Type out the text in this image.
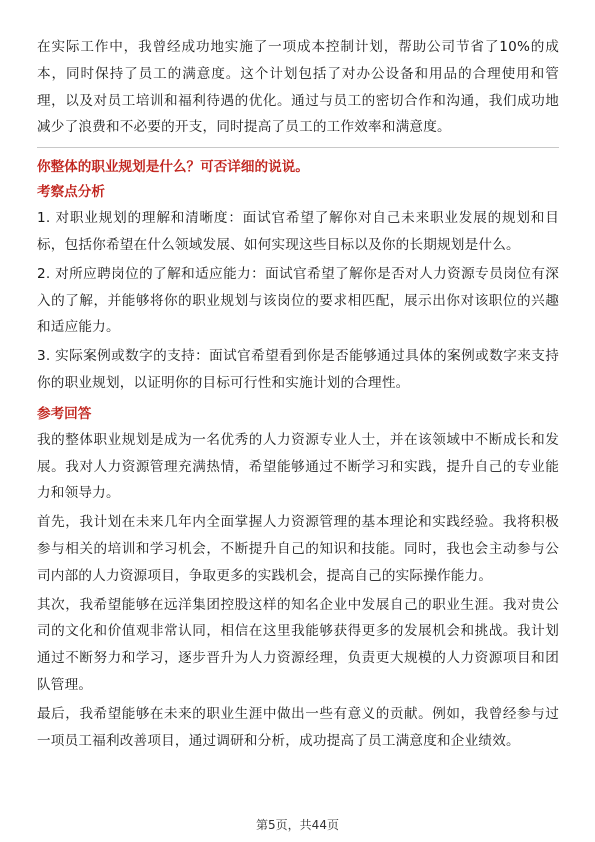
在实际工作中，我曾经成功地实施了一项成本控制计划，帮助公司节省了10%的成本，同时保持了员工的满意度。这个计划包括了对办公设备和用品的合理使用和管理，以及对员工培训和福利待遇的优化。通过与员工的密切合作和沟通，我们成功地减少了浪费和不必要的开支，同时提高了员工的工作效率和满意度。

你整体的职业规划是什么？可否详细的说说。
考察点分析

1. 对职业规划的理解和清晰度：面试官希望了解你对自己未来职业发展的规划和目标，包括你希望在什么领域发展、如何实现这些目标以及你的长期规划是什么。

2. 对所应聘岗位的了解和适应能力：面试官希望了解你是否对人力资源专员岗位有深入的了解，并能够将你的职业规划与该岗位的要求相匹配，展示出你对该职位的兴趣和适应能力。

3. 实际案例或数字的支持：面试官希望看到你是否能够通过具体的案例或数字来支持你的职业规划，以证明你的目标可行性和实施计划的合理性。

参考回答

我的整体职业规划是成为一名优秀的人力资源专业人士，并在该领域中不断成长和发展。我对人力资源管理充满热情，希望能够通过不断学习和实践，提升自己的专业能力和领导力。

首先，我计划在未来几年内全面掌握人力资源管理的基本理论和实践经验。我将积极参与相关的培训和学习机会，不断提升自己的知识和技能。同时，我也会主动参与公司内部的人力资源项目，争取更多的实践机会，提高自己的实际操作能力。

其次，我希望能够在远洋集团控股这样的知名企业中发展自己的职业生涯。我对贵公司的文化和价值观非常认同，相信在这里我能够获得更多的发展机会和挑战。我计划通过不断努力和学习，逐步晋升为人力资源经理，负责更大规模的人力资源项目和团队管理。

最后，我希望能够在未来的职业生涯中做出一些有意义的贡献。例如，我曾经参与过一项员工福利改善项目，通过调研和分析，成功提高了员工满意度和企业绩效。

第5页，共44页
